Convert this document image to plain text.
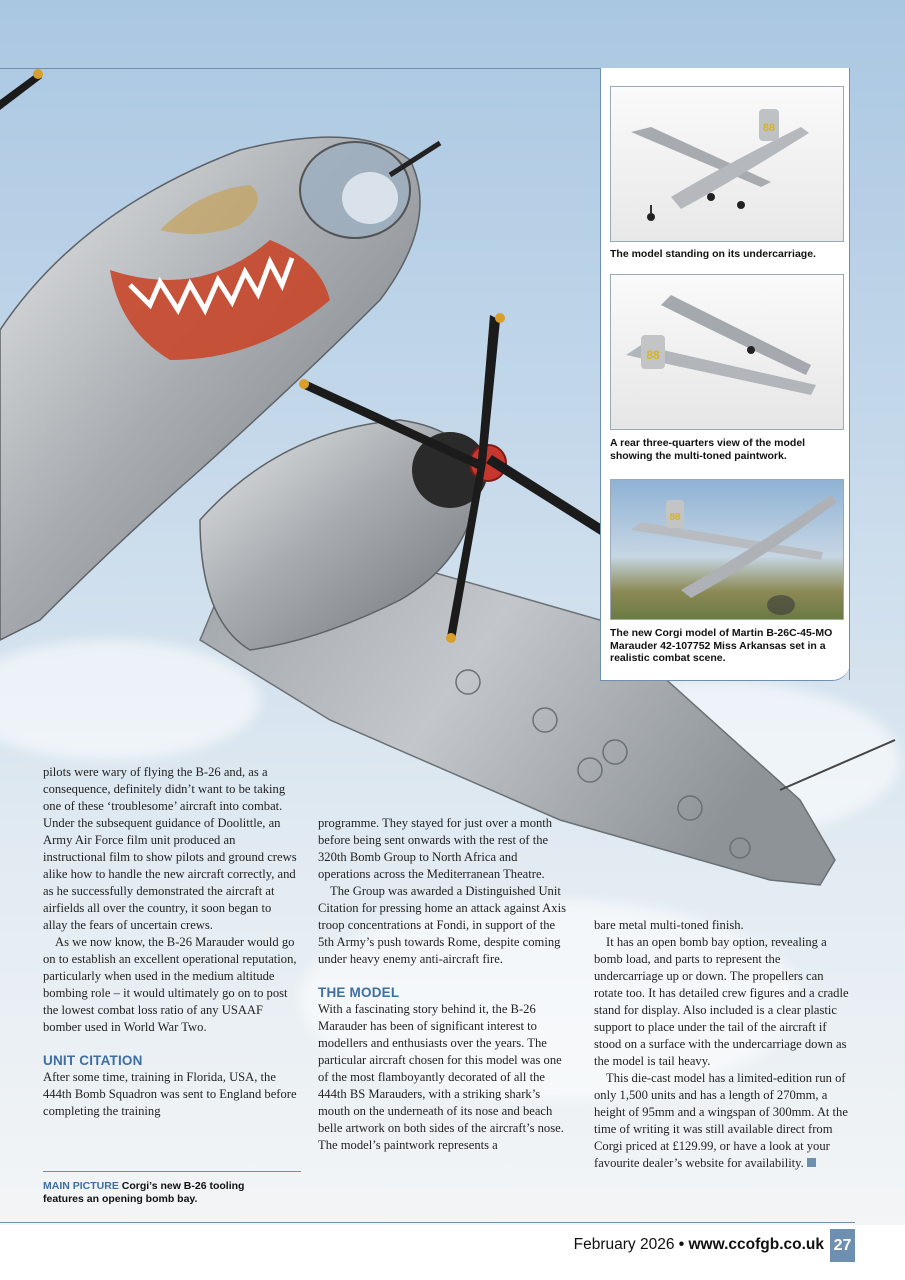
88
The model standing on its undercarriage.
88
A rear three-quarters view of the model showing the multi-toned paintwork.
88
The new Corgi model of Martin B-26C-45-MO Marauder 42-107752 Miss Arkansas set in a realistic combat scene.

pilots were wary of flying the B-26 and, as a consequence, definitely didn’t want to be taking one of these ‘troublesome’ aircraft into combat. Under the subsequent guidance of Doolittle, an Army Air Force film unit produced an instructional film to show pilots and ground crews alike how to handle the new aircraft correctly, and as he successfully demonstrated the aircraft at airfields all over the country, it soon began to allay the fears of uncertain crews.

As we now know, the B-26 Marauder would go on to establish an excellent operational reputation, particularly when used in the medium altitude bombing role – it would ultimately go on to post the lowest combat loss ratio of any USAAF bomber used in World War Two.

UNIT CITATION

After some time, training in Florida, USA, the 444th Bomb Squadron was sent to England before completing the training

MAIN PICTURE Corgi’s new B-26 tooling features an opening bomb bay.

programme. They stayed for just over a month before being sent onwards with the rest of the 320th Bomb Group to North Africa and operations across the Mediterranean Theatre.

The Group was awarded a Distinguished Unit Citation for pressing home an attack against Axis troop concentrations at Fondi, in support of the 5th Army’s push towards Rome, despite coming under heavy enemy anti-aircraft fire.

THE MODEL

With a fascinating story behind it, the B-26 Marauder has been of significant interest to modellers and enthusiasts over the years. The particular aircraft chosen for this model was one of the most flamboyantly decorated of all the 444th BS Marauders, with a striking shark’s mouth on the underneath of its nose and beach belle artwork on both sides of the aircraft’s nose. The model’s paintwork represents a

bare metal multi-toned finish.

It has an open bomb bay option, revealing a bomb load, and parts to represent the undercarriage up or down. The propellers can rotate too. It has detailed crew figures and a cradle stand for display. Also included is a clear plastic support to place under the tail of the aircraft if stood on a surface with the undercarriage down as the model is tail heavy.

This die-cast model has a limited-edition run of only 1,500 units and has a length of 270mm, a height of 95mm and a wingspan of 300mm. At the time of writing it was still available direct from Corgi priced at £129.99, or have a look at your favourite dealer’s website for availability.

February 2026 • www.ccofgb.co.uk 27
